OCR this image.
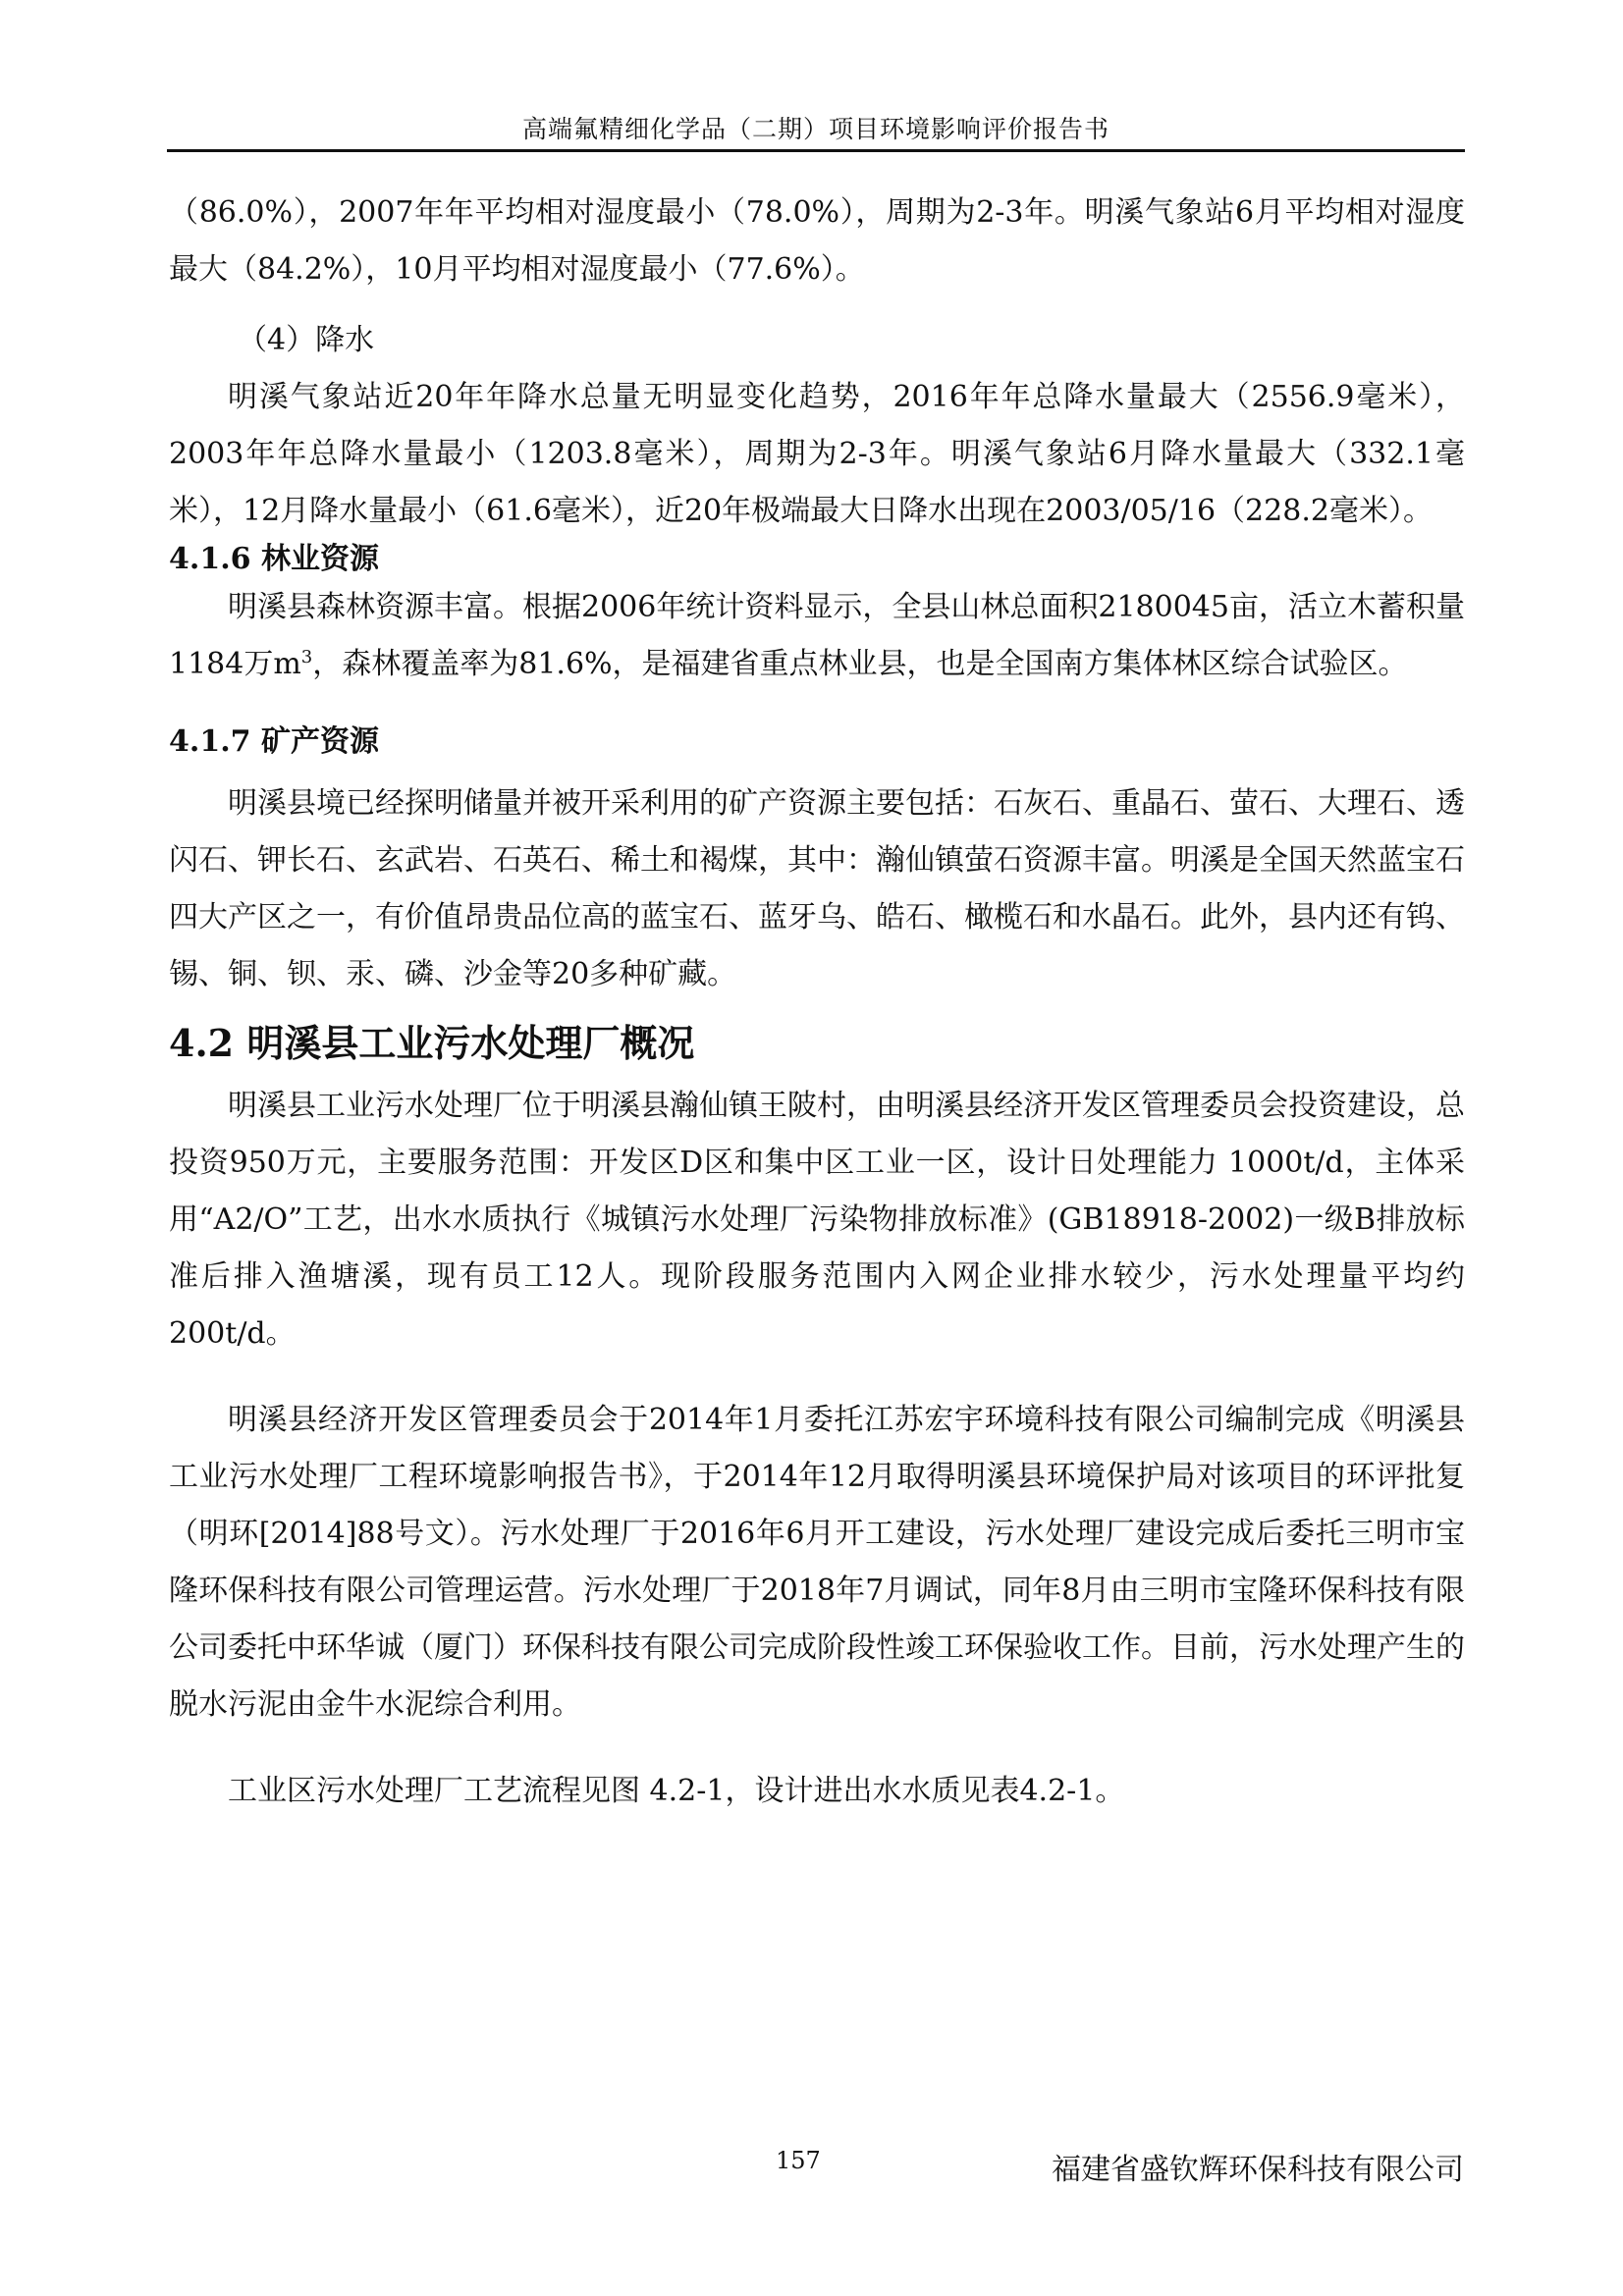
高端氟精细化学品（二期）项目环境影响评价报告书

（86.0%），2007年年平均相对湿度最小（78.0%），周期为2-3年。明溪气象站6月平均相对湿度最大（84.2%），10月平均相对湿度最小（77.6%）。

（4）降水

明溪气象站近20年年降水总量无明显变化趋势，2016年年总降水量最大（2556.9毫米），2003年年总降水量最小（1203.8毫米），周期为2-3年。明溪气象站6月降水量最大（332.1毫米），12月降水量最小（61.6毫米），近20年极端最大日降水出现在2003/05/16（228.2毫米）。

4.1.6 林业资源

明溪县森林资源丰富。根据2006年统计资料显示，全县山林总面积2180045亩，活立木蓄积量1184万$m^3$，森林覆盖率为81.6%，是福建省重点林业县，也是全国南方集体林区综合试验区。

4.1.7 矿产资源

明溪县境已经探明储量并被开采利用的矿产资源主要包括：石灰石、重晶石、萤石、大理石、透闪石、钾长石、玄武岩、石英石、稀土和褐煤，其中：瀚仙镇萤石资源丰富。明溪是全国天然蓝宝石四大产区之一，有价值昂贵品位高的蓝宝石、蓝牙乌、皓石、橄榄石和水晶石。此外，县内还有钨、锡、铜、钡、汞、磷、沙金等20多种矿藏。

4.2 明溪县工业污水处理厂概况

明溪县工业污水处理厂位于明溪县瀚仙镇王陂村，由明溪县经济开发区管理委员会投资建设，总投资950万元，主要服务范围：开发区D区和集中区工业一区，设计日处理能力 1000t/d，主体采用“A2/O”工艺，出水水质执行《城镇污水处理厂污染物排放标准》(GB18918-2002)一级B排放标准后排入渔塘溪，现有员工12人。现阶段服务范围内入网企业排水较少，污水处理量平均约200t/d。

明溪县经济开发区管理委员会于2014年1月委托江苏宏宇环境科技有限公司编制完成《明溪县工业污水处理厂工程环境影响报告书》，于2014年12月取得明溪县环境保护局对该项目的环评批复（明环[2014]88号文）。污水处理厂于2016年6月开工建设，污水处理厂建设完成后委托三明市宝隆环保科技有限公司管理运营。污水处理厂于2018年7月调试，同年8月由三明市宝隆环保科技有限公司委托中环华诚（厦门）环保科技有限公司完成阶段性竣工环保验收工作。目前，污水处理产生的脱水污泥由金牛水泥综合利用。

工业区污水处理厂工艺流程见图 4.2-1，设计进出水水质见表4.2-1。

157	福建省盛钦辉环保科技有限公司
